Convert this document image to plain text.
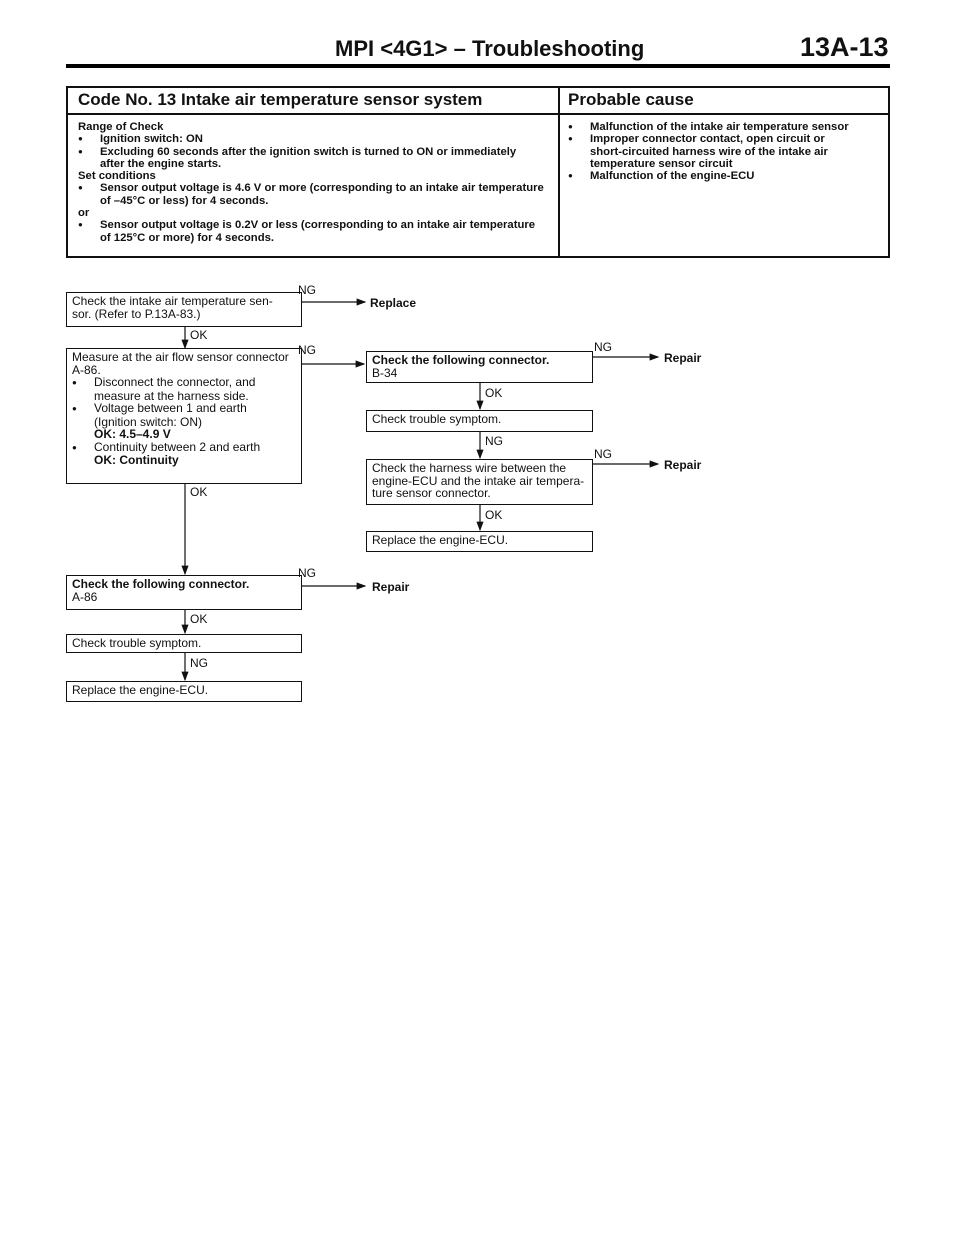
MPI <4G1> – Troubleshooting	13A-13
Code No. 13 Intake air temperature sensor system	Probable cause
Range of Check
● Ignition switch: ON
● Excluding 60 seconds after the ignition switch is turned to ON or immediately
after the engine starts.
Set conditions
● Sensor output voltage is 4.6 V or more (corresponding to an intake air temperature
of –45°C or less) for 4 seconds.
or
● Sensor output voltage is 0.2V or less (corresponding to an intake air temperature
of 125°C or more) for 4 seconds.
● Malfunction of the intake air temperature sensor
● Improper connector contact, open circuit or
short-circuited harness wire of the intake air
temperature sensor circuit
● Malfunction of the engine-ECU
Check the intake air temperature sen-
sor. (Refer to P.13A-83.)
NG
Replace
OK
Measure at the air flow sensor connector
A-86.
● Disconnect the connector, and
measure at the harness side.
● Voltage between 1 and earth
(Ignition switch: ON)
OK: 4.5–4.9 V
● Continuity between 2 and earth
OK: Continuity
NG
OK
Check the following connector.
B-34
NG
Repair
OK
Check trouble symptom.
NG
Check the harness wire between the
engine-ECU and the intake air tempera-
ture sensor connector.
NG
Repair
OK
Replace the engine-ECU.
Check the following connector.
A-86
NG
Repair
OK
Check trouble symptom.
NG
Replace the engine-ECU.
